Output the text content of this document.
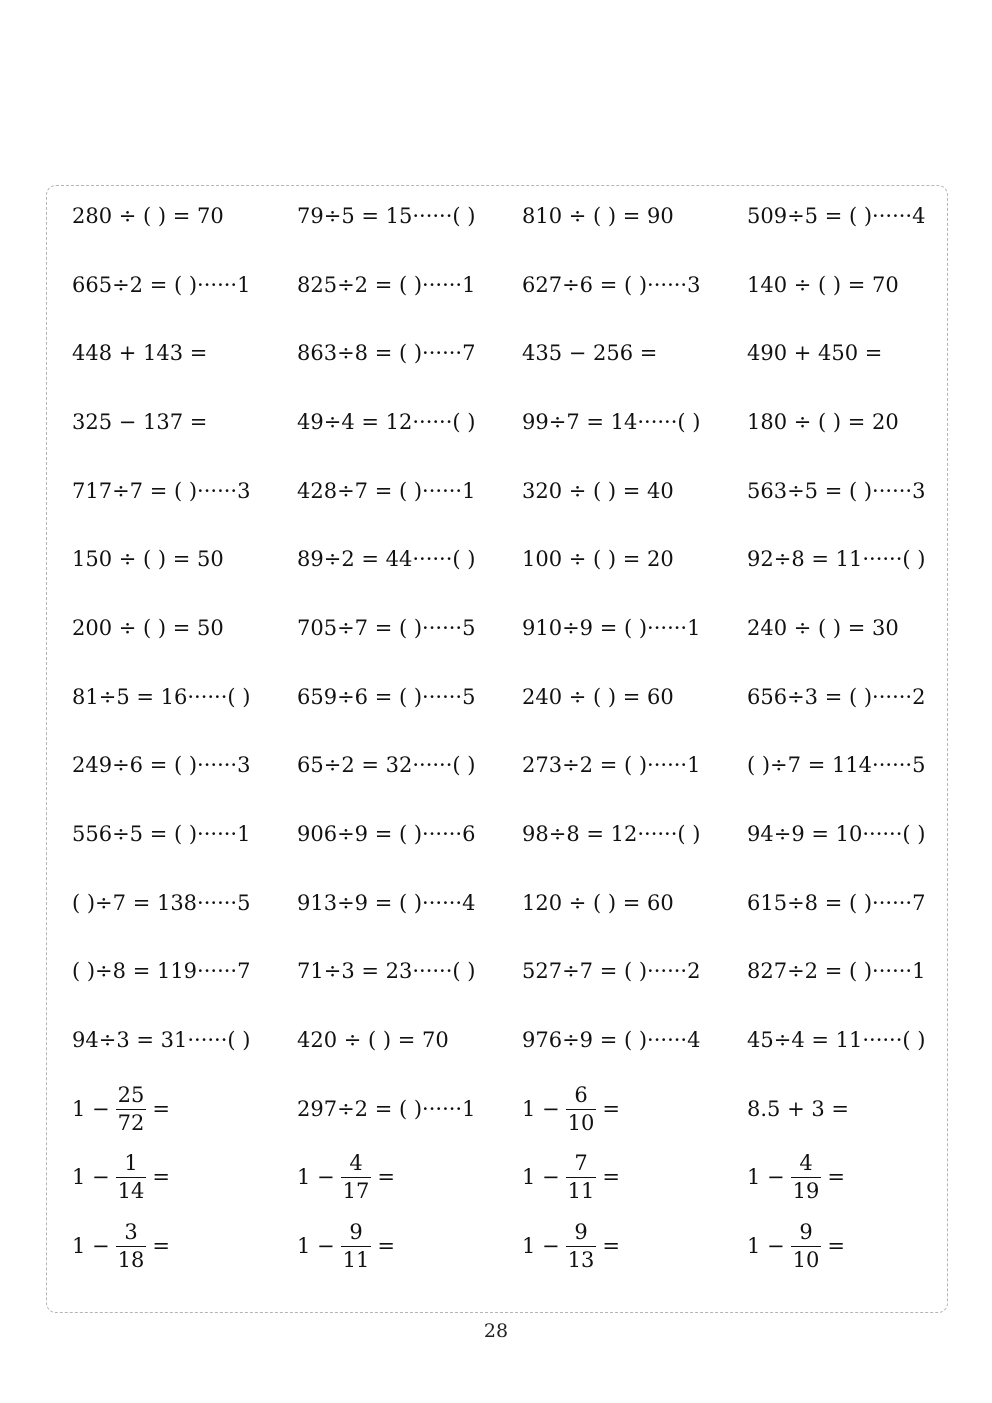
280 ÷ ( ) = 70	79÷5 = 15······( )	810 ÷ ( ) = 90	509÷5 = ( )······4
665÷2 = ( )······1	825÷2 = ( )······1	627÷6 = ( )······3	140 ÷ ( ) = 70
448 + 143 =	863÷8 = ( )······7	435 − 256 =	490 + 450 =
325 − 137 =	49÷4 = 12······( )	99÷7 = 14······( )	180 ÷ ( ) = 20
717÷7 = ( )······3	428÷7 = ( )······1	320 ÷ ( ) = 40	563÷5 = ( )······3
150 ÷ ( ) = 50	89÷2 = 44······( )	100 ÷ ( ) = 20	92÷8 = 11······( )
200 ÷ ( ) = 50	705÷7 = ( )······5	910÷9 = ( )······1	240 ÷ ( ) = 30
81÷5 = 16······( )	659÷6 = ( )······5	240 ÷ ( ) = 60	656÷3 = ( )······2
249÷6 = ( )······3	65÷2 = 32······( )	273÷2 = ( )······1	( )÷7 = 114······5
556÷5 = ( )······1	906÷9 = ( )······6	98÷8 = 12······( )	94÷9 = 10······( )
( )÷7 = 138······5	913÷9 = ( )······4	120 ÷ ( ) = 60	615÷8 = ( )······7
( )÷8 = 119······7	71÷3 = 23······( )	527÷7 = ( )······2	827÷2 = ( )······1
94÷3 = 31······( )	420 ÷ ( ) = 70	976÷9 = ( )······4	45÷4 = 11······( )
$1 - \frac{25}{72}$ =	297÷2 = ( )······1	$1 - \frac{6}{10}$ =	8.5 + 3 =
$1 - \frac{1}{14}$ =	$1 - \frac{4}{17}$ =	$1 - \frac{7}{11}$ =	$1 - \frac{4}{19}$ =
$1 - \frac{3}{18}$ =	$1 - \frac{9}{11}$ =	$1 - \frac{9}{13}$ =	$1 - \frac{9}{10}$ =
28
